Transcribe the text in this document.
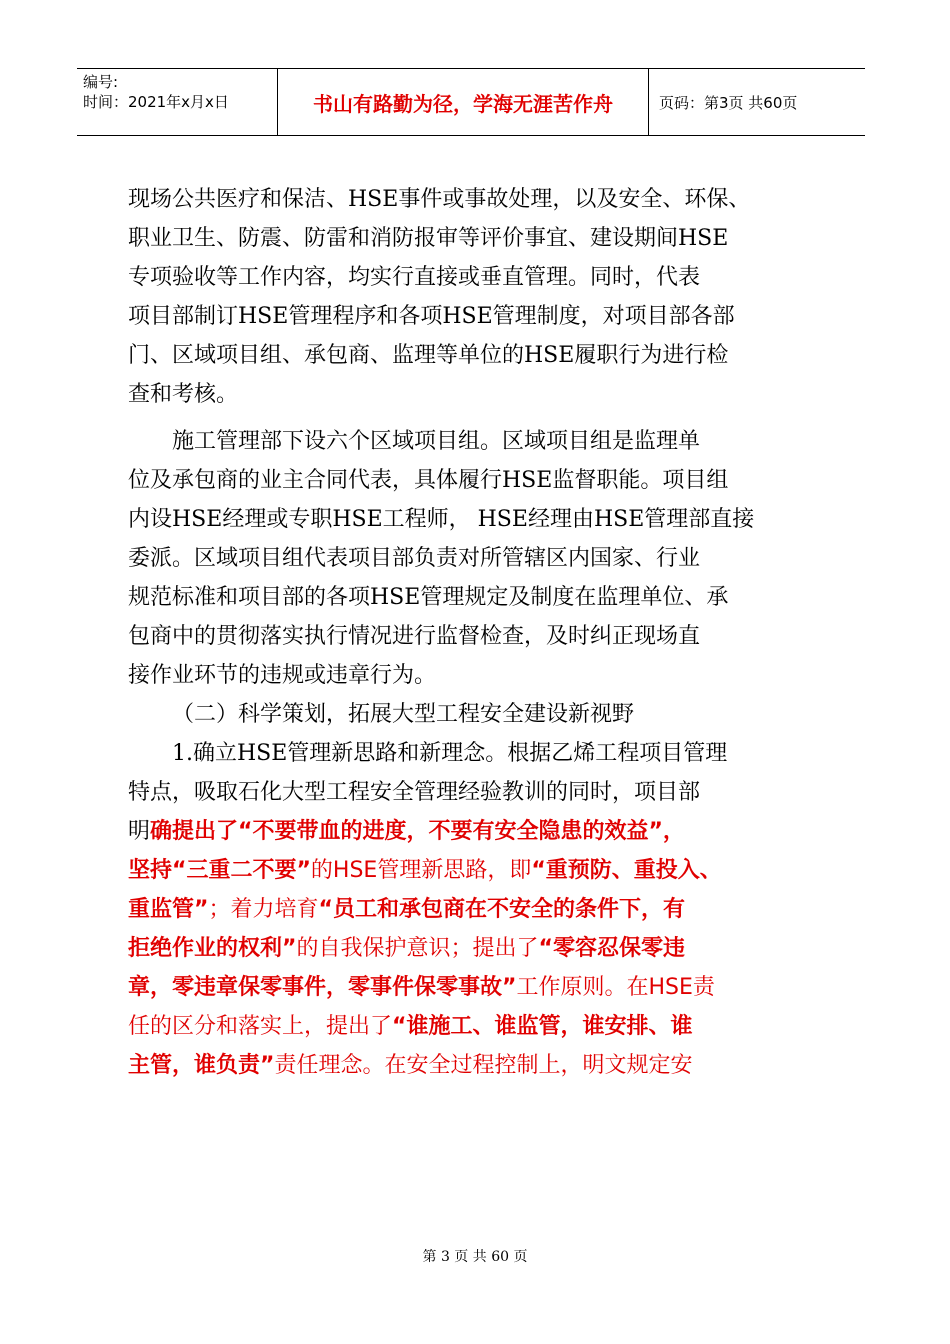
编号:
时间：2021年x月x日	书山有路勤为径，学海无涯苦作舟	页码：第3页 共60页
现场公共医疗和保洁、HSE事件或事故处理，以及安全、环保、
职业卫生、防震、防雷和消防报审等评价事宜、建设期间HSE
专项验收等工作内容，均实行直接或垂直管理。同时，代表
项目部制订HSE管理程序和各项HSE管理制度，对项目部各部
门、区域项目组、承包商、监理等单位的HSE履职行为进行检
查和考核。
施工管理部下设六个区域项目组。区域项目组是监理单
位及承包商的业主合同代表，具体履行HSE监督职能。项目组
内设HSE经理或专职HSE工程师， HSE经理由HSE管理部直接
委派。区域项目组代表项目部负责对所管辖区内国家、行业
规范标准和项目部的各项HSE管理规定及制度在监理单位、承
包商中的贯彻落实执行情况进行监督检查，及时纠正现场直
接作业环节的违规或违章行为。
（二）科学策划，拓展大型工程安全建设新视野
1.确立HSE管理新思路和新理念。根据乙烯工程项目管理
特点，吸取石化大型工程安全管理经验教训的同时，项目部
明确提出了“不要带血的进度，不要有安全隐患的效益”，
坚持“三重二不要”的HSE管理新思路，即“重预防、重投入、
重监管”；着力培育“员工和承包商在不安全的条件下，有
拒绝作业的权利”的自我保护意识；提出了“零容忍保零违
章，零违章保零事件，零事件保零事故”工作原则。在HSE责
任的区分和落实上，提出了“谁施工、谁监管，谁安排、谁
主管，谁负责”责任理念。在安全过程控制上，明文规定安
第 3 页 共 60 页
